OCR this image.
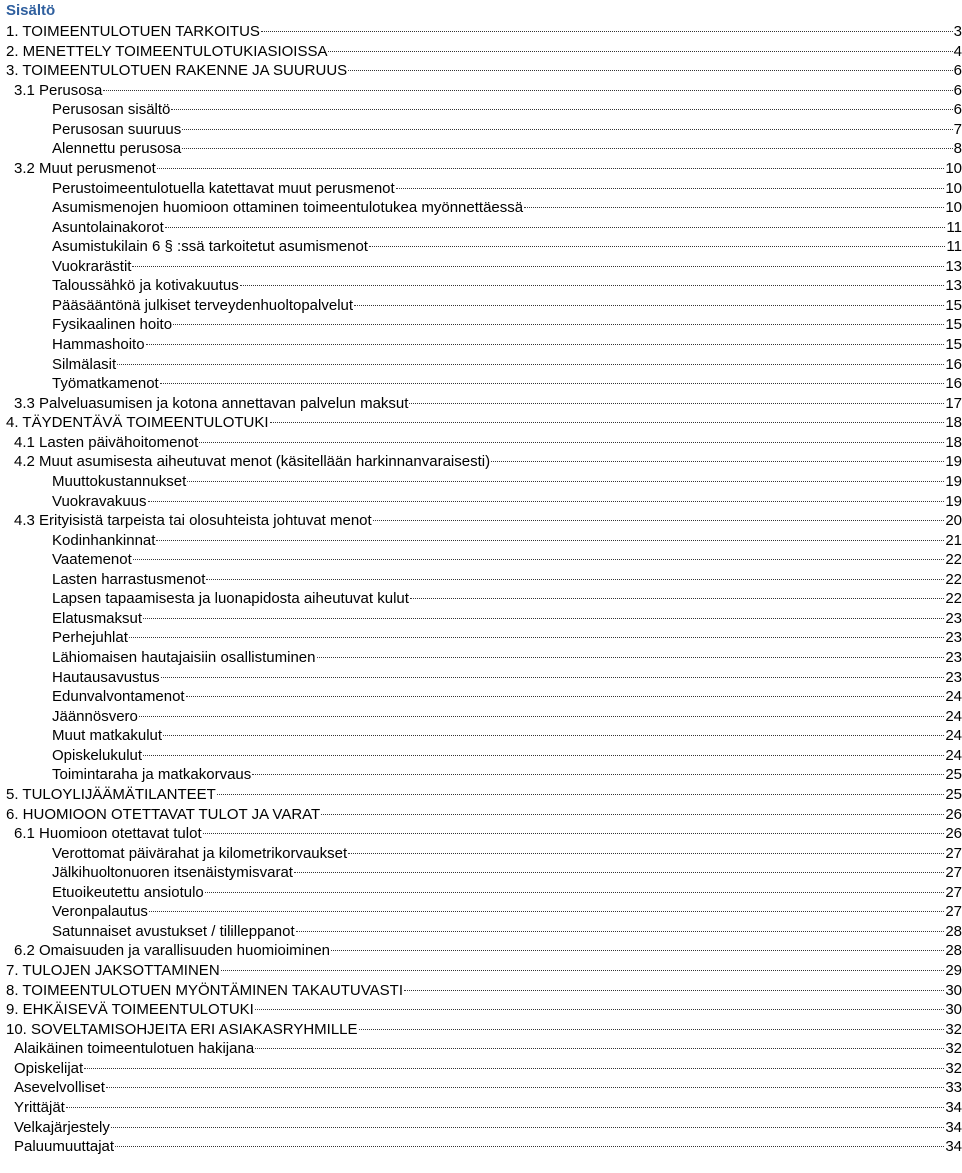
Sisältö
1. TOIMEENTULOTUEN TARKOITUS	3
2. MENETTELY TOIMEENTULOTUKIASIOISSA	4
3. TOIMEENTULOTUEN RAKENNE JA SUURUUS	6
3.1 Perusosa	6
Perusosan sisältö	6
Perusosan suuruus	7
Alennettu perusosa	8
3.2 Muut perusmenot	10
Perustoimeentulotuella katettavat muut perusmenot	10
Asumismenojen huomioon ottaminen toimeentulotukea myönnettäessä	10
Asuntolainakorot	11
Asumistukilain 6 § :ssä tarkoitetut asumismenot	11
Vuokrarästit	13
Taloussähkö ja kotivakuutus	13
Pääsääntönä julkiset terveydenhuoltopalvelut	15
Fysikaalinen hoito	15
Hammashoito	15
Silmälasit	16
Työmatkamenot	16
3.3 Palveluasumisen ja kotona annettavan palvelun maksut	17
4. TÄYDENTÄVÄ TOIMEENTULOTUKI	18
4.1 Lasten päivähoitomenot	18
4.2 Muut asumisesta aiheutuvat menot (käsitellään harkinnanvaraisesti)	19
Muuttokustannukset	19
Vuokravakuus	19
4.3 Erityisistä tarpeista tai olosuhteista johtuvat menot	20
Kodinhankinnat	21
Vaatemenot	22
Lasten harrastusmenot	22
Lapsen tapaamisesta ja luonapidosta aiheutuvat kulut	22
Elatusmaksut	23
Perhejuhlat	23
Lähiomaisen hautajaisiin osallistuminen	23
Hautausavustus	23
Edunvalvontamenot	24
Jäännösvero	24
Muut matkakulut	24
Opiskelukulut	24
Toimintaraha ja matkakorvaus	25
5. TULOYLIJÄÄMÄTILANTEET	25
6. HUOMIOON OTETTAVAT TULOT JA VARAT	26
6.1 Huomioon otettavat tulot	26
Verottomat päivärahat ja kilometrikorvaukset	27
Jälkihuoltonuoren itsenäistymisvarat	27
Etuoikeutettu ansiotulo	27
Veronpalautus	27
Satunnaiset avustukset / tililleppanot	28
6.2 Omaisuuden ja varallisuuden huomioiminen	28
7. TULOJEN JAKSOTTAMINEN	29
8. TOIMEENTULOTUEN MYÖNTÄMINEN TAKAUTUVASTI	30
9. EHKÄISEVÄ TOIMEENTULOTUKI	30
10. SOVELTAMISOHJEITA ERI ASIAKASRYHMILLE	32
Alaikäinen toimeentulotuen hakijana	32
Opiskelijat	32
Asevelvolliset	33
Yrittäjät	34
Velkajärjestely	34
Paluumuuttajat	34
